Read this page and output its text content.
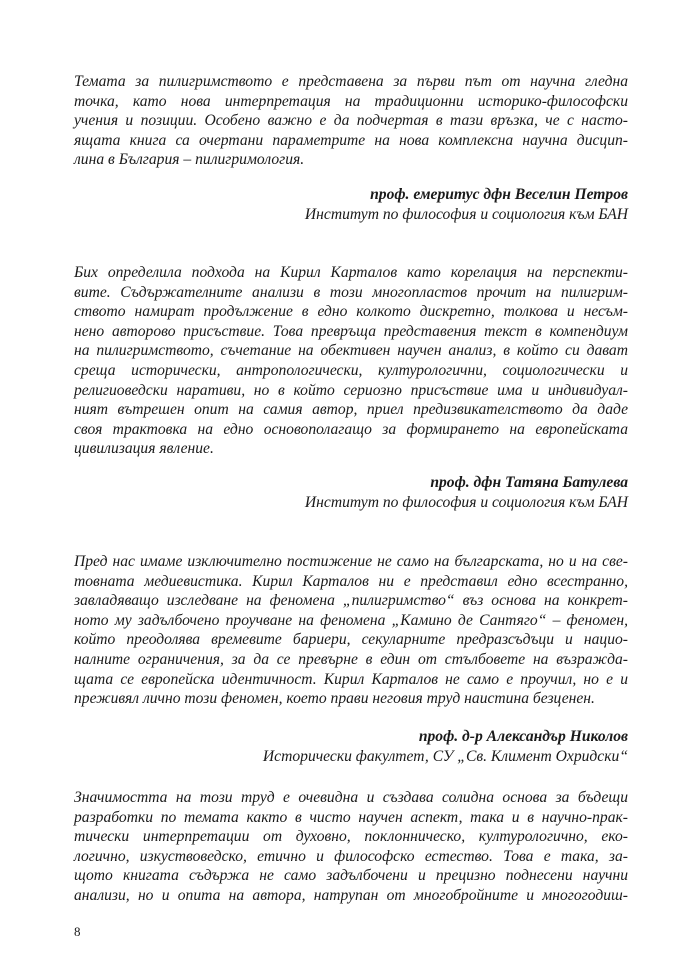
Темата за пилигримството е представена за първи път от научна гледна
точка, като нова интерпретация на традиционни историко-философски
учения и позиции. Особено важно е да подчертая в тази връзка, че с насто-
ящата книга са очертани параметрите на нова комплексна научна дисцип-
лина в България – пилигримология.
проф. емеритус дфн Веселин Петров
Институт по философия и социология към БАН
Бих определила подхода на Кирил Карталов като корелация на перспекти-
вите. Съдържателните анализи в този многопластов прочит на пилигрим-
ството намират продължение в едно колкото дискретно, толкова и несъм-
нено авторово присъствие. Това превръща представения текст в компендиум
на пилигримството, съчетание на обективен научен анализ, в който си дават
среща исторически, антропологически, културологични, социологически и
религиоведски наративи, но в който сериозно присъствие има и индивидуал-
ният вътрешен опит на самия автор, приел предизвикателството да даде
своя трактовка на едно основополагащо за формирането на европейската
цивилизация явление.
проф. дфн Татяна Батулева
Институт по философия и социология към БАН
Пред нас имаме изключително постижение не само на българската, но и на све-
товната медиевистика. Кирил Карталов ни е представил едно всестранно,
завладяващо изследване на феномена „пилигримство“ въз основа на конкрет-
ното му задълбочено проучване на феномена „Камино де Сантяго“ – феномен,
който преодолява времевите бариери, секуларните предразсъдъци и нацио-
налните ограничения, за да се превърне в един от стълбовете на възражда-
щата се европейска идентичност. Кирил Карталов не само е проучил, но е и
преживял лично този феномен, което прави неговия труд наистина безценен.
проф. д-р Александър Николов
Исторически факултет, СУ „Св. Климент Охридски“
Значимостта на този труд е очевидна и създава солидна основа за бъдещи
разработки по темата както в чисто научен аспект, така и в научно-прак-
тически интерпретации от духовно, поклонническо, културологично, еко-
логично, изкуствоведско, етично и философско естество. Това е така, за-
щото книгата съдържа не само задълбочени и прецизно поднесени научни
анализи, но и опита на автора, натрупан от многобройните и многогодиш-
8
